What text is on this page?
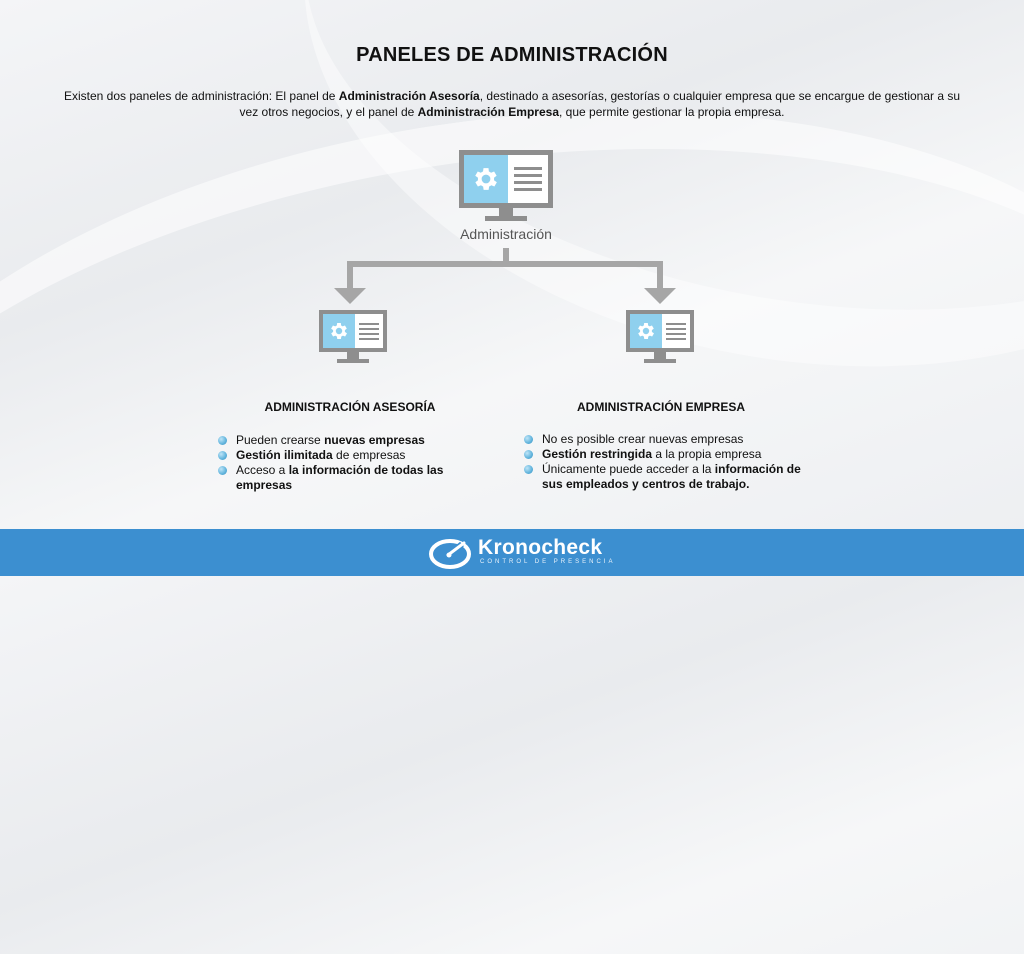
PANELES DE ADMINISTRACIÓN

Existen dos paneles de administración: El panel de Administración Asesoría, destinado a asesorías, gestorías o cualquier empresa que se encargue de gestionar a su vez otros negocios, y el panel de Administración Empresa, que permite gestionar la propia empresa.

Administración
ADMINISTRACIÓN ASESORÍA
Pueden crearse nuevas empresas
Gestión ilimitada de empresas
Acceso a la información de todas las empresas
ADMINISTRACIÓN EMPRESA
No es posible crear nuevas empresas
Gestión restringida a la propia empresa
Únicamente puede acceder a la información de sus empleados y centros de trabajo.
Kronocheck
CONTROL DE PRESENCIA
